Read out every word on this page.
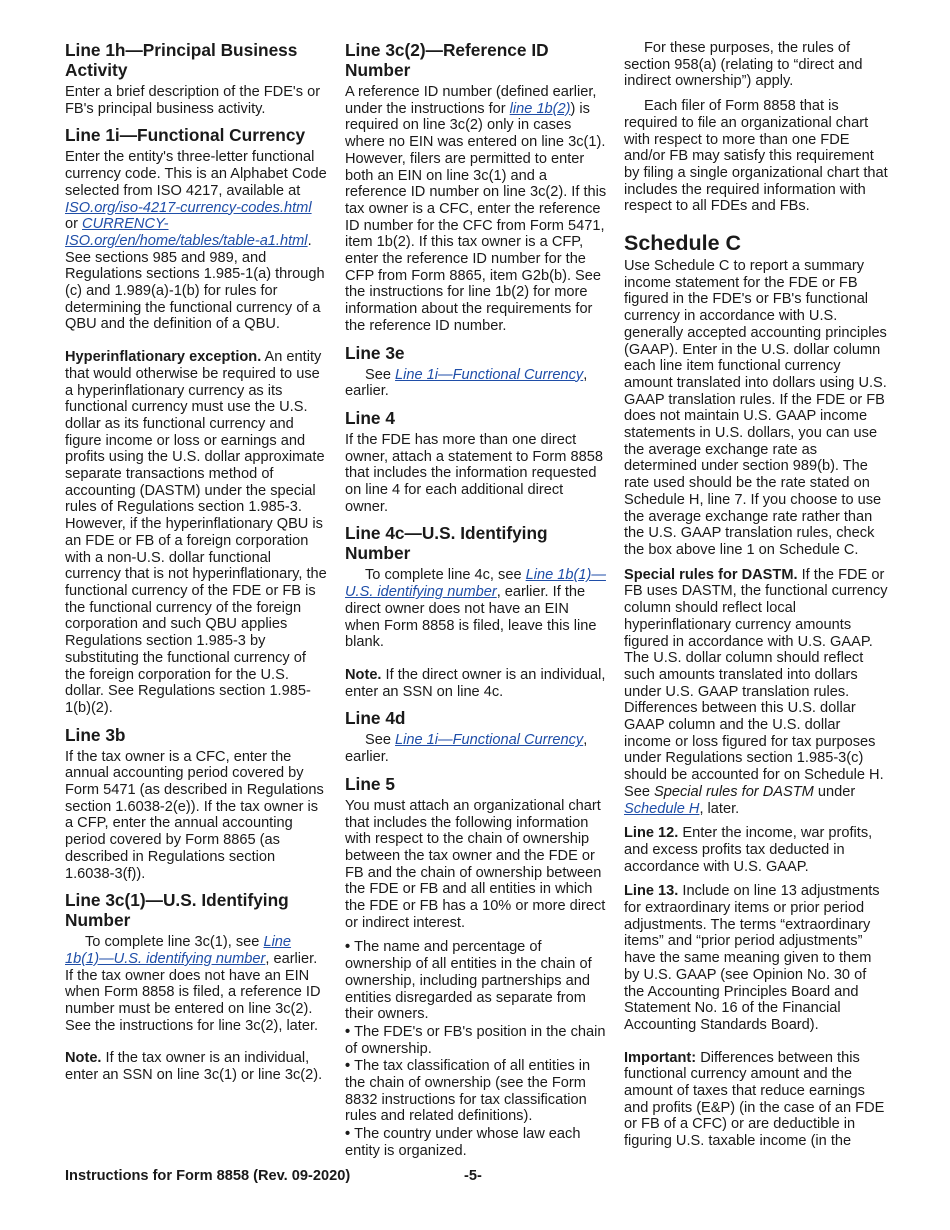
Line 1h—Principal Business Activity

Enter a brief description of the FDE's or FB's principal business activity.

Line 1i—Functional Currency

Enter the entity's three-letter functional currency code. This is an Alphabet Code selected from ISO 4217, available at ISO.org/iso-4217-currency-codes.html or CURRENCY-ISO.org/en/home/tables/table-a1.html. See sections 985 and 989, and Regulations sections 1.985-1(a) through (c) and 1.989(a)-1(b) for rules for determining the functional currency of a QBU and the definition of a QBU.

Hyperinflationary exception. An entity that would otherwise be required to use a hyperinflationary currency as its functional currency must use the U.S. dollar as its functional currency and figure income or loss or earnings and profits using the U.S. dollar approximate separate transactions method of accounting (DASTM) under the special rules of Regulations section 1.985-3. However, if the hyperinflationary QBU is an FDE or FB of a foreign corporation with a non-U.S. dollar functional currency that is not hyperinflationary, the functional currency of the FDE or FB is the functional currency of the foreign corporation and such QBU applies Regulations section 1.985-3 by substituting the functional currency of the foreign corporation for the U.S. dollar. See Regulations section 1.985-1(b)(2).

Line 3b

If the tax owner is a CFC, enter the annual accounting period covered by Form 5471 (as described in Regulations section 1.6038-2(e)). If the tax owner is a CFP, enter the annual accounting period covered by Form 8865 (as described in Regulations section 1.6038-3(f)).

Line 3c(1)—U.S. Identifying Number

To complete line 3c(1), see Line 1b(1)—U.S. identifying number, earlier. If the tax owner does not have an EIN when Form 8858 is filed, a reference ID number must be entered on line 3c(2). See the instructions for line 3c(2), later.

Note. If the tax owner is an individual, enter an SSN on line 3c(1) or line 3c(2).

Line 3c(2)—Reference ID Number

A reference ID number (defined earlier, under the instructions for line 1b(2)) is required on line 3c(2) only in cases where no EIN was entered on line 3c(1). However, filers are permitted to enter both an EIN on line 3c(1) and a reference ID number on line 3c(2). If this tax owner is a CFC, enter the reference ID number for the CFC from Form 5471, item 1b(2). If this tax owner is a CFP, enter the reference ID number for the CFP from Form 8865, item G2b(b). See the instructions for line 1b(2) for more information about the requirements for the reference ID number.

Line 3e

See Line 1i—Functional Currency, earlier.

Line 4

If the FDE has more than one direct owner, attach a statement to Form 8858 that includes the information requested on line 4 for each additional direct owner.

Line 4c—U.S. Identifying Number

To complete line 4c, see Line 1b(1)—U.S. identifying number, earlier. If the direct owner does not have an EIN when Form 8858 is filed, leave this line blank.

Note. If the direct owner is an individual, enter an SSN on line 4c.

Line 4d

See Line 1i—Functional Currency, earlier.

Line 5

You must attach an organizational chart that includes the following information with respect to the chain of ownership between the tax owner and the FDE or FB and the chain of ownership between the FDE or FB and all entities in which the FDE or FB has a 10% or more direct or indirect interest.

• The name and percentage of ownership of all entities in the chain of ownership, including partnerships and entities disregarded as separate from their owners.
• The FDE's or FB's position in the chain of ownership.
• The tax classification of all entities in the chain of ownership (see the Form 8832 instructions for tax classification rules and related definitions).
• The country under whose law each entity is organized.

For these purposes, the rules of section 958(a) (relating to “direct and indirect ownership”) apply.

Each filer of Form 8858 that is required to file an organizational chart with respect to more than one FDE and/or FB may satisfy this requirement by filing a single organizational chart that includes the required information with respect to all FDEs and FBs.

Schedule C

Use Schedule C to report a summary income statement for the FDE or FB figured in the FDE's or FB's functional currency in accordance with U.S. generally accepted accounting principles (GAAP). Enter in the U.S. dollar column each line item functional currency amount translated into dollars using U.S. GAAP translation rules. If the FDE or FB does not maintain U.S. GAAP income statements in U.S. dollars, you can use the average exchange rate as determined under section 989(b). The rate used should be the rate stated on Schedule H, line 7. If you choose to use the average exchange rate rather than the U.S. GAAP translation rules, check the box above line 1 on Schedule C.

Special rules for DASTM. If the FDE or FB uses DASTM, the functional currency column should reflect local hyperinflationary currency amounts figured in accordance with U.S. GAAP. The U.S. dollar column should reflect such amounts translated into dollars under U.S. GAAP translation rules. Differences between this U.S. dollar GAAP column and the U.S. dollar income or loss figured for tax purposes under Regulations section 1.985-3(c) should be accounted for on Schedule H. See Special rules for DASTM under Schedule H, later.

Line 12. Enter the income, war profits, and excess profits tax deducted in accordance with U.S. GAAP.

Line 13. Include on line 13 adjustments for extraordinary items or prior period adjustments. The terms “extraordinary items” and “prior period adjustments” have the same meaning given to them by U.S. GAAP (see Opinion No. 30 of the Accounting Principles Board and Statement No. 16 of the Financial Accounting Standards Board).

Important: Differences between this functional currency amount and the amount of taxes that reduce earnings and profits (E&P) (in the case of an FDE or FB of a CFC) or are deductible in figuring U.S. taxable income (in the

Instructions for Form 8858 (Rev. 09-2020)	-5-
